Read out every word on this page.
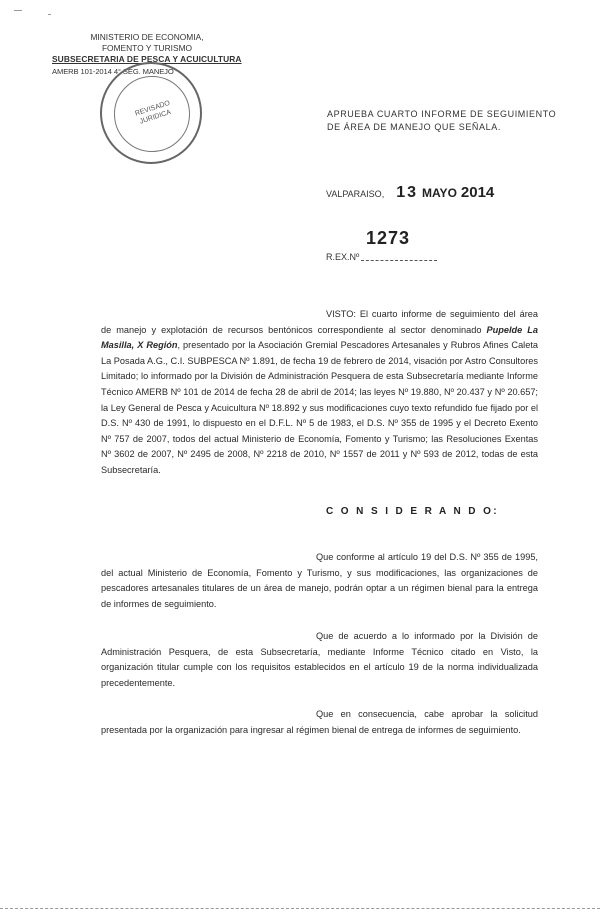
MINISTERIO DE ECONOMIA,
FOMENTO Y TURISMO
SUBSECRETARIA DE PESCA Y ACUICULTURA
AMERB 101-2014 4° SEG. MANEJO
REVISADO JURIDICA	APRUEBA CUARTO INFORME DE SEGUIMIENTO DE ÁREA DE MANEJO QUE SEÑALA.
VALPARAISO, 13 MAYO 2014
1273
R.EX.Nº
VISTO: El cuarto informe de seguimiento del área de manejo y explotación de recursos bentónicos correspondiente al sector denominado Pupelde La Masilla, X Región, presentado por la Asociación Gremial Pescadores Artesanales y Rubros Afines Caleta La Posada A.G., C.I. SUBPESCA Nº 1.891, de fecha 19 de febrero de 2014, visación por Astro Consultores Limitado; lo informado por la División de Administración Pesquera de esta Subsecretaría mediante Informe Técnico AMERB Nº 101 de 2014 de fecha 28 de abril de 2014; las leyes Nº 19.880, Nº 20.437 y Nº 20.657; la Ley General de Pesca y Acuicultura Nº 18.892 y sus modificaciones cuyo texto refundido fue fijado por el D.S. Nº 430 de 1991, lo dispuesto en el D.F.L. Nº 5 de 1983, el D.S. Nº 355 de 1995 y el Decreto Exento Nº 757 de 2007, todos del actual Ministerio de Economía, Fomento y Turismo; las Resoluciones Exentas Nº 3602 de 2007, Nº 2495 de 2008, Nº 2218 de 2010, Nº 1557 de 2011 y Nº 593 de 2012, todas de esta Subsecretaría.
C O N S I D E R A N D O:
Que conforme al artículo 19 del D.S. Nº 355 de 1995, del actual Ministerio de Economía, Fomento y Turismo, y sus modificaciones, las organizaciones de pescadores artesanales titulares de un área de manejo, podrán optar a un régimen bienal para la entrega de informes de seguimiento.
Que de acuerdo a lo informado por la División de Administración Pesquera, de esta Subsecretaría, mediante Informe Técnico citado en Visto, la organización titular cumple con los requisitos establecidos en el artículo 19 de la norma individualizada precedentemente.
Que en consecuencia, cabe aprobar la solicitud presentada por la organización para ingresar al régimen bienal de entrega de informes de seguimiento.
